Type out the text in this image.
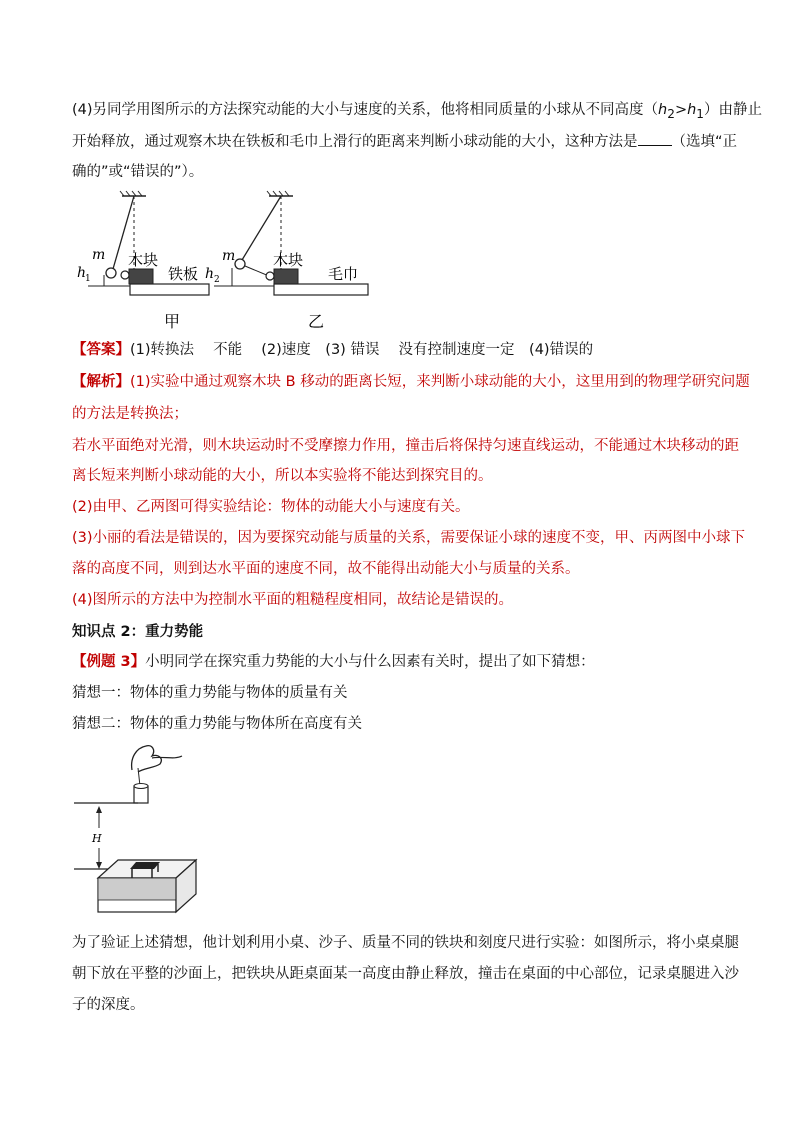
(4)另同学用图所示的方法探究动能的大小与速度的关系，他将相同质量的小球从不同高度$(h_2>h_1)$由静止
开始释放，通过观察木块在铁板和毛巾上滑行的距离来判断小球动能的大小，这种方法是 （选填“正
确的”或“错误的”）。
m
h
1
木块
铁板
甲
m
h 2
木块
毛巾
乙
【答案】(1)转换法　 不能　 (2)速度　(3) 错误　 没有控制速度一定　(4)错误的
【解析】(1)实验中通过观察木块 B 移动的距离长短，来判断小球动能的大小，这里用到的物理学研究问题
的方法是转换法；
若水平面绝对光滑，则木块运动时不受摩擦力作用，撞击后将保持匀速直线运动，不能通过木块移动的距
离长短来判断小球动能的大小，所以本实验将不能达到探究目的。
(2)由甲、乙两图可得实验结论：物体的动能大小与速度有关。
(3)小丽的看法是错误的，因为要探究动能与质量的关系，需要保证小球的速度不变，甲、丙两图中小球下
落的高度不同，则到达水平面的速度不同，故不能得出动能大小与质量的关系。
(4)图所示的方法中为控制水平面的粗糙程度相同，故结论是错误的。
知识点 2：重力势能
【例题 3】小明同学在探究重力势能的大小与什么因素有关时，提出了如下猜想：
猜想一：物体的重力势能与物体的质量有关
猜想二：物体的重力势能与物体所在高度有关
H
为了验证上述猜想，他计划利用小桌、沙子、质量不同的铁块和刻度尺进行实验：如图所示，将小桌桌腿
朝下放在平整的沙面上，把铁块从距桌面某一高度由静止释放，撞击在桌面的中心部位，记录桌腿进入沙
子的深度。
